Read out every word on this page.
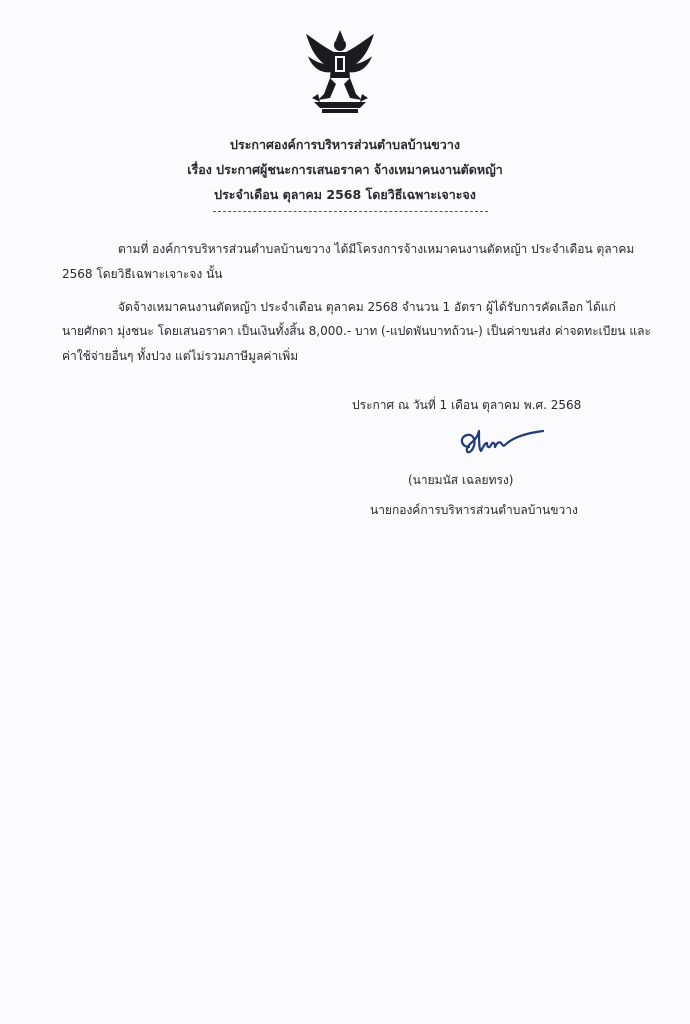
ประกาศองค์การบริหารส่วนตำบลบ้านขวาง
เรื่อง ประกาศผู้ชนะการเสนอราคา จ้างเหมาคนงานตัดหญ้า
ประจำเดือน ตุลาคม 2568 โดยวิธีเฉพาะเจาะจง
ตามที่ องค์การบริหารส่วนตำบลบ้านขวาง ได้มีโครงการจ้างเหมาคนงานตัดหญ้า ประจำเดือน ตุลาคม
2568 โดยวิธีเฉพาะเจาะจง นั้น
จัดจ้างเหมาคนงานตัดหญ้า ประจำเดือน ตุลาคม 2568 จำนวน 1 อัตรา ผู้ได้รับการคัดเลือก ได้แก่
นายศักดา มุ่งชนะ โดยเสนอราคา เป็นเงินทั้งสิ้น 8,000.- บาท (-แปดพันบาทถ้วน-) เป็นค่าขนส่ง ค่าจดทะเบียน และ
ค่าใช้จ่ายอื่นๆ ทั้งปวง แต่ไม่รวมภาษีมูลค่าเพิ่ม
ประกาศ ณ วันที่ 1 เดือน ตุลาคม พ.ศ. 2568
(นายมนัส เฉลยทรง)
นายกองค์การบริหารส่วนตำบลบ้านขวาง
